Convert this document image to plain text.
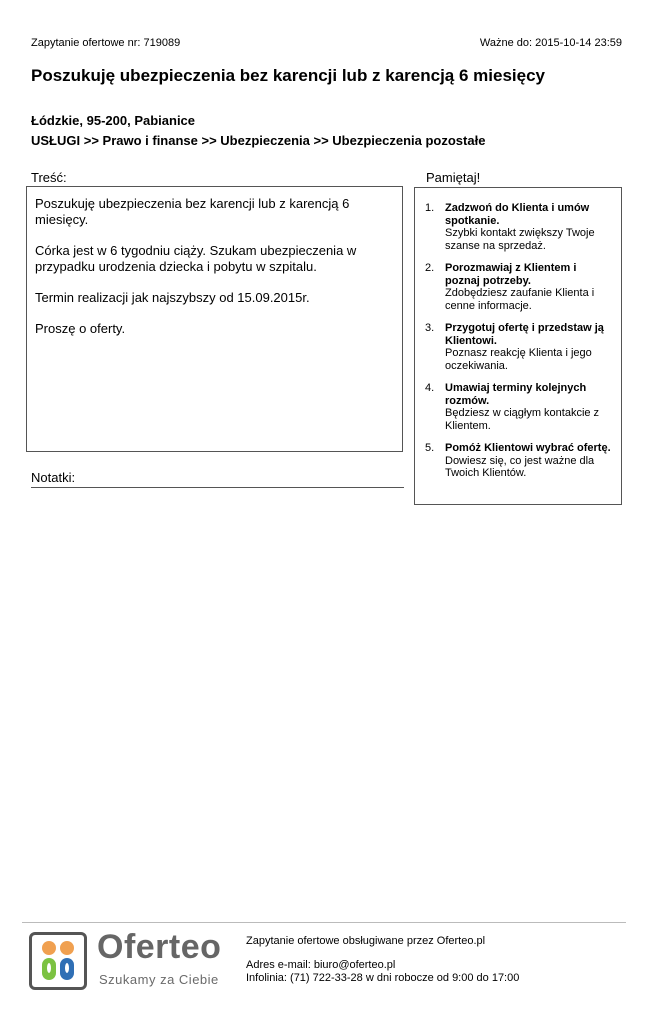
Zapytanie ofertowe nr: 719089	Ważne do: 2015-10-14 23:59
Poszukuję ubezpieczenia bez karencji lub z karencją 6 miesięcy
Łódzkie, 95-200, Pabianice
USŁUGI >> Prawo i finanse >> Ubezpieczenia >> Ubezpieczenia pozostałe
Treść:

Poszukuję ubezpieczenia bez karencji lub z karencją 6 miesięcy.

Córka jest w 6 tygodniu ciąży. Szukam ubezpieczenia w przypadku urodzenia dziecka i pobytu w szpitalu.

Termin realizacji jak najszybszy od 15.09.2015r.

Proszę o oferty.

Notatki:
Pamiętaj!
1. Zadzwoń do Klienta i umów spotkanie.
Szybki kontakt zwiększy Twoje szanse na sprzedaż.
2. Porozmawiaj z Klientem i poznaj potrzeby.
Zdobędziesz zaufanie Klienta i cenne informacje.
3. Przygotuj ofertę i przedstaw ją Klientowi.
Poznasz reakcję Klienta i jego oczekiwania.
4. Umawiaj terminy kolejnych rozmów.
Będziesz w ciągłym kontakcie z Klientem.
5. Pomóż Klientowi wybrać ofertę.
Dowiesz się, co jest ważne dla Twoich Klientów.
Oferteo
Szukamy za Ciebie
Zapytanie ofertowe obsługiwane przez Oferteo.pl
Adres e-mail: biuro@oferteo.pl
Infolinia: (71) 722-33-28 w dni robocze od 9:00 do 17:00
